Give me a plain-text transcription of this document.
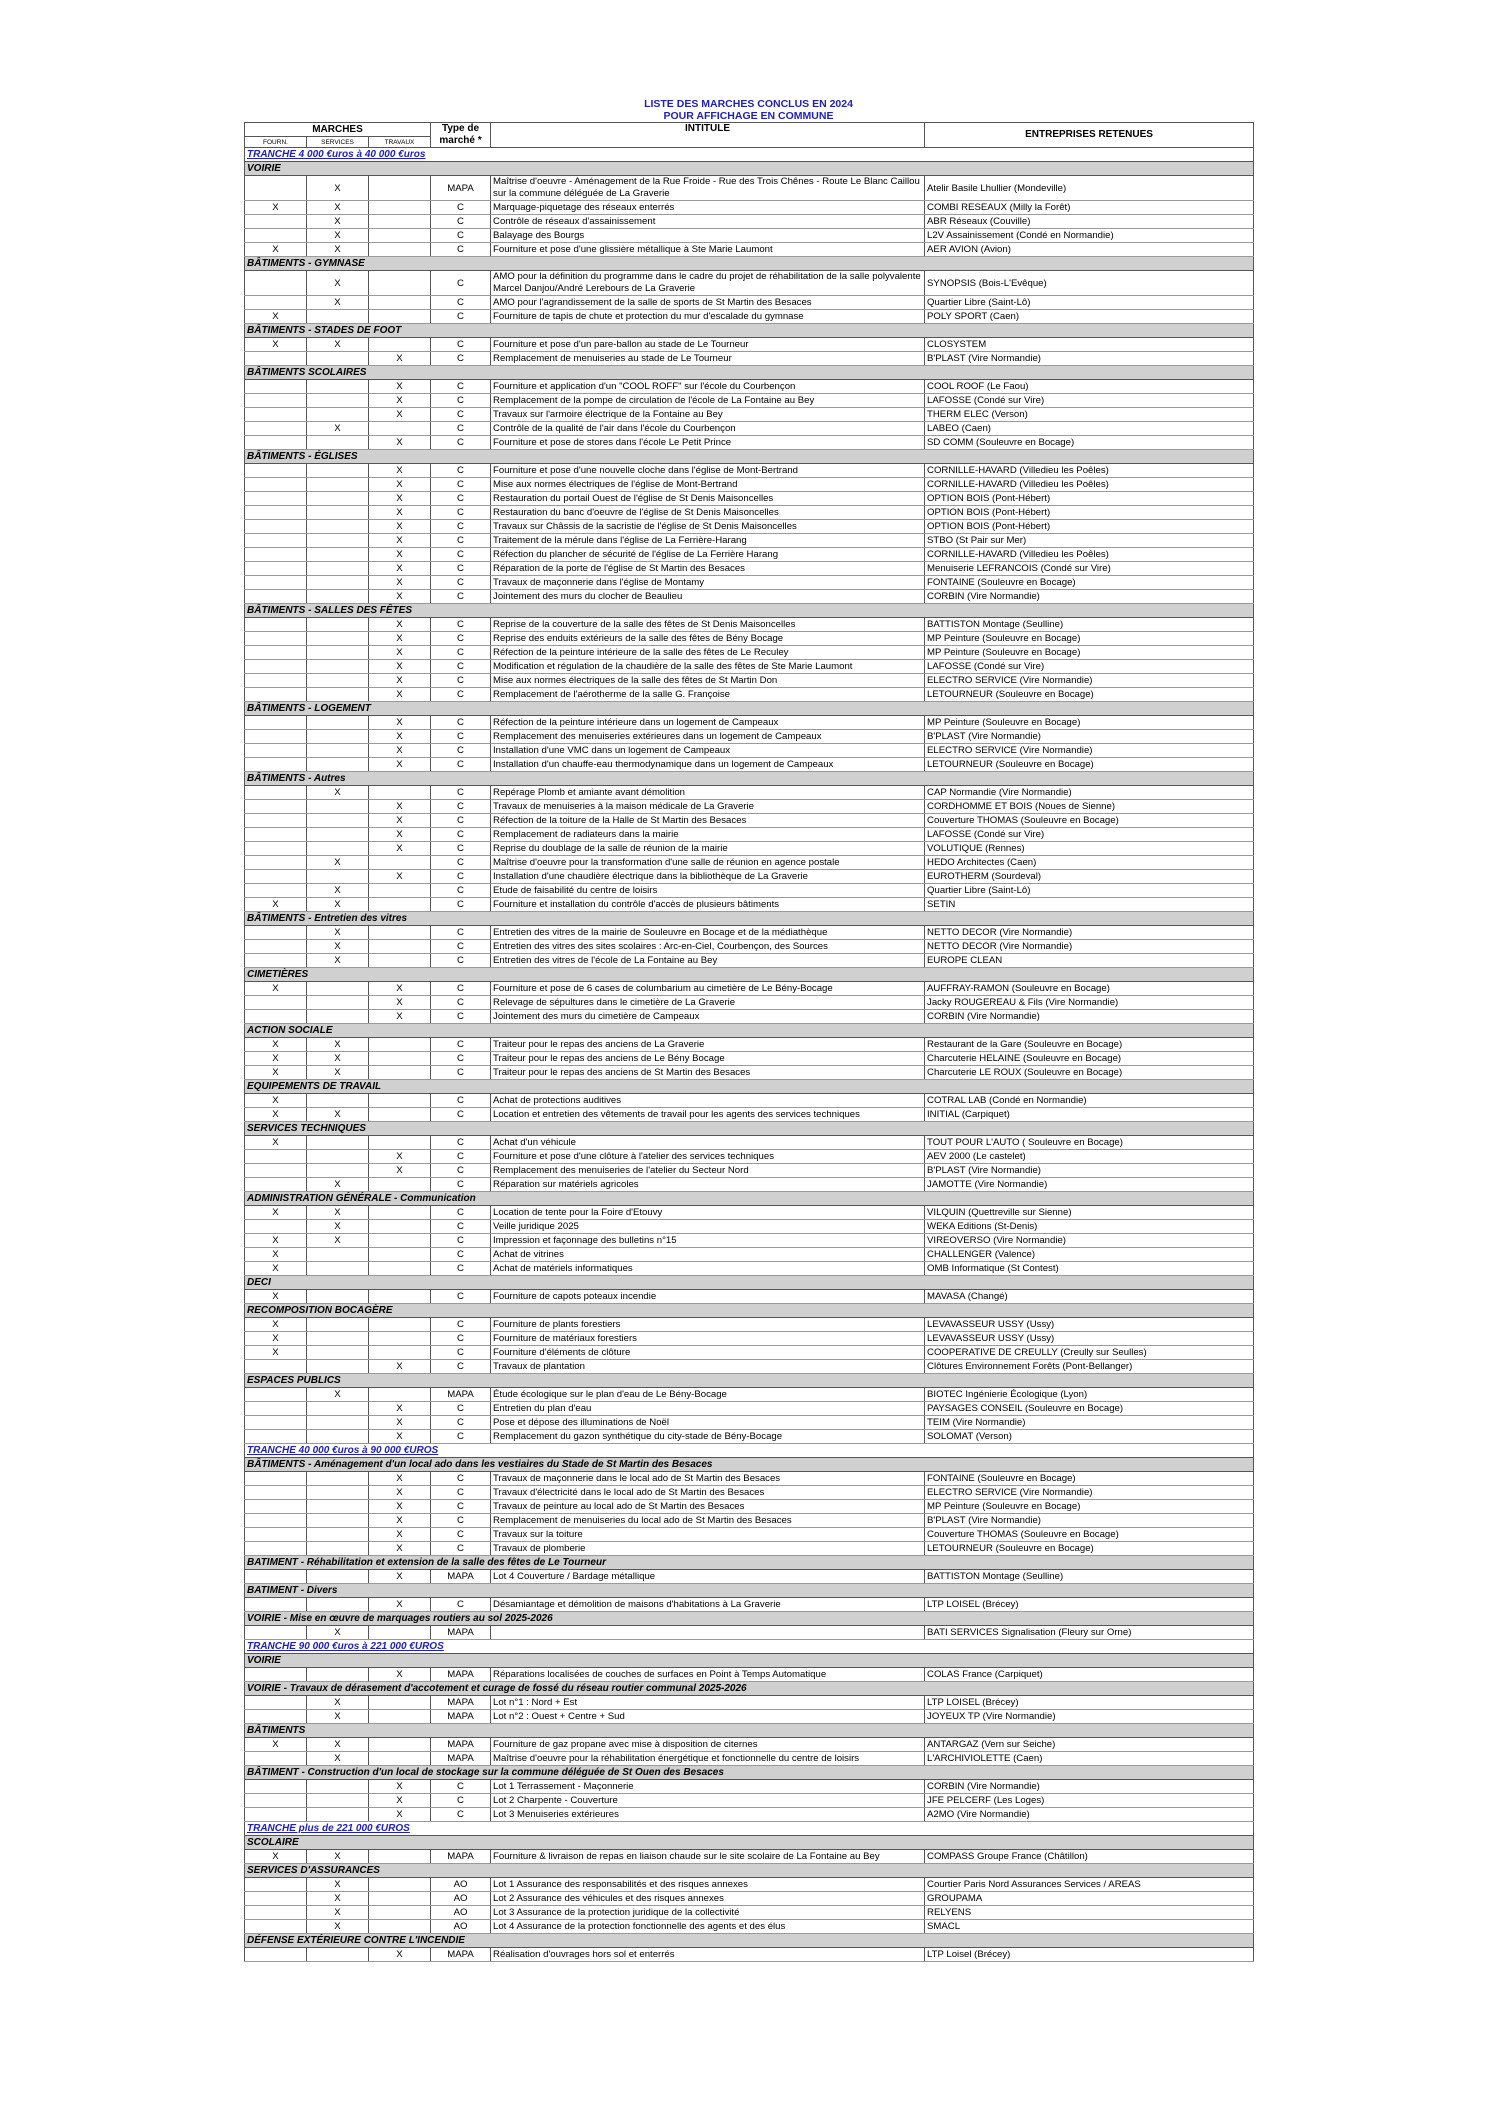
LISTE DES MARCHES CONCLUS EN 2024
POUR AFFICHAGE EN COMMUNE
MARCHES			Type de marché *	INTITULE	ENTREPRISES RETENUES
FOURN.	SERVICES	TRAVAUX			
TRANCHE 4 000 €uros à 40 000 €uros					
VOIRIE					
	X		MAPA	Maîtrise d'oeuvre - Aménagement de la Rue Froide - Rue des Trois Chênes - Route Le Blanc Caillou sur la commune déléguée de La Graverie	Atelir Basile Lhullier (Mondeville)
X	X		C	Marquage-piquetage des réseaux enterrés	COMBI RESEAUX (Milly la Forêt)
	X		C	Contrôle de réseaux d'assainissement	ABR Réseaux (Couville)
	X		C	Balayage des Bourgs	L2V Assainissement (Condé en Normandie)
X	X		C	Fourniture et pose d'une glissière métallique à Ste Marie Laumont	AER AVION (Avion)
BÂTIMENTS - GYMNASE					
	X		C	AMO pour la définition du programme dans le cadre du projet de réhabilitation de la salle polyvalente Marcel Danjou/André Lerebours de La Graverie	SYNOPSIS (Bois-L'Evêque)
	X		C	AMO pour l'agrandissement de la salle de sports de St Martin des Besaces	Quartier Libre (Saint-Lô)
X			C	Fourniture de tapis de chute et protection du mur d'escalade du gymnase	POLY SPORT (Caen)
BÂTIMENTS - STADES DE FOOT					
X	X		C	Fourniture et pose d'un pare-ballon au stade de Le Tourneur	CLOSYSTEM
		X	C	Remplacement de menuiseries au stade de Le Tourneur	B'PLAST (Vire Normandie)
BÂTIMENTS SCOLAIRES					
		X	C	Fourniture et application d'un "COOL ROFF" sur l'école du Courbençon	COOL ROOF (Le Faou)
		X	C	Remplacement de la pompe de circulation de l'école de La Fontaine au Bey	LAFOSSE (Condé sur Vire)
		X	C	Travaux sur l'armoire électrique de la Fontaine au Bey	THERM ELEC (Verson)
	X		C	Contrôle de la qualité de l'air dans l'école du Courbençon	LABEO (Caen)
		X	C	Fourniture et pose de stores dans l'école Le Petit Prince	SD COMM (Souleuvre en Bocage)
BÂTIMENTS - ÉGLISES					
		X	C	Fourniture et pose d'une nouvelle cloche dans l'église de Mont-Bertrand	CORNILLE-HAVARD (Villedieu les Poêles)
		X	C	Mise aux normes électriques de l'église de Mont-Bertrand	CORNILLE-HAVARD (Villedieu les Poêles)
		X	C	Restauration du portail Ouest de l'église de St Denis Maisoncelles	OPTION BOIS (Pont-Hébert)
		X	C	Restauration du banc d'oeuvre de l'église de St Denis Maisoncelles	OPTION BOIS (Pont-Hébert)
		X	C	Travaux sur Châssis de la sacristie de l'église de St Denis Maisoncelles	OPTION BOIS (Pont-Hébert)
		X	C	Traitement de la mérule dans l'église de La Ferrière-Harang	STBO (St Pair sur Mer)
		X	C	Réfection du plancher de sécurité de l'église de La Ferrière Harang	CORNILLE-HAVARD (Villedieu les Poêles)
		X	C	Réparation de la porte de l'église de St Martin des Besaces	Menuiserie LEFRANCOIS (Condé sur Vire)
		X	C	Travaux de maçonnerie dans l'église de Montamy	FONTAINE (Souleuvre en Bocage)
		X	C	Jointement des murs du clocher de Beaulieu	CORBIN (Vire Normandie)
BÂTIMENTS - SALLES DES FÊTES					
		X	C	Reprise de la couverture de la salle des fêtes de St Denis Maisoncelles	BATTISTON Montage (Seulline)
		X	C	Reprise des enduits extérieurs de la salle des fêtes de Bény Bocage	MP Peinture (Souleuvre en Bocage)
		X	C	Réfection de la peinture intérieure de la salle des fêtes de Le Reculey	MP Peinture (Souleuvre en Bocage)
		X	C	Modification et régulation de la chaudière de la salle des fêtes de Ste Marie Laumont	LAFOSSE (Condé sur Vire)
		X	C	Mise aux normes électriques de la salle des fêtes de St Martin Don	ELECTRO SERVICE (Vire Normandie)
		X	C	Remplacement de l'aérotherme de la salle G. Françoise	LETOURNEUR (Souleuvre en Bocage)
BÂTIMENTS - LOGEMENT					
		X	C	Réfection de la peinture intérieure dans un logement de Campeaux	MP Peinture (Souleuvre en Bocage)
		X	C	Remplacement des menuiseries extérieures dans un logement de Campeaux	B'PLAST (Vire Normandie)
		X	C	Installation d'une VMC dans un logement de Campeaux	ELECTRO SERVICE (Vire Normandie)
		X	C	Installation d'un chauffe-eau thermodynamique dans un logement de Campeaux	LETOURNEUR (Souleuvre en Bocage)
BÂTIMENTS - Autres					
	X		C	Repérage Plomb et amiante avant démolition	CAP Normandie (Vire Normandie)
		X	C	Travaux de menuiseries à la maison médicale de La Graverie	CORDHOMME ET BOIS (Noues de Sienne)
		X	C	Réfection de la toiture de la Halle de St Martin des Besaces	Couverture THOMAS (Souleuvre en Bocage)
		X	C	Remplacement de radiateurs dans la mairie	LAFOSSE (Condé sur Vire)
		X	C	Reprise du doublage de la salle de réunion de la mairie	VOLUTIQUE (Rennes)
	X		C	Maîtrise d'oeuvre pour la transformation d'une salle de réunion en agence postale	HEDO Architectes (Caen)
		X	C	Installation d'une chaudière électrique dans la bibliothèque de La Graverie	EUROTHERM (Sourdeval)
	X		C	Etude de faisabilité du centre de loisirs	Quartier Libre (Saint-Lô)
X	X		C	Fourniture et installation du contrôle d'accès de plusieurs bâtiments	SETIN
BÂTIMENTS - Entretien des vitres					
	X		C	Entretien des vitres de la mairie de Souleuvre en Bocage et de la médiathèque	NETTO DECOR (Vire Normandie)
	X		C	Entretien des vitres des sites scolaires : Arc-en-Ciel, Courbençon, des Sources	NETTO DECOR (Vire Normandie)
	X		C	Entretien des vitres de l'école de La Fontaine au Bey	EUROPE CLEAN
CIMETIÈRES					
X		X	C	Fourniture et pose de 6 cases de columbarium au cimetière de Le Bény-Bocage	AUFFRAY-RAMON (Souleuvre en Bocage)
		X	C	Relevage de sépultures dans le cimetière de La Graverie	Jacky ROUGEREAU & Fils (Vire Normandie)
		X	C	Jointement des murs du cimetière de Campeaux	CORBIN (Vire Normandie)
ACTION SOCIALE					
X	X		C	Traiteur pour le repas des anciens de La Graverie	Restaurant de la Gare (Souleuvre en Bocage)
X	X		C	Traiteur pour le repas des anciens de Le Bény Bocage	Charcuterie HELAINE (Souleuvre en Bocage)
X	X		C	Traiteur pour le repas des anciens de St Martin des Besaces	Charcuterie LE ROUX (Souleuvre en Bocage)
EQUIPEMENTS DE TRAVAIL					
X			C	Achat de protections auditives	COTRAL LAB (Condé en Normandie)
X	X		C	Location et entretien des vêtements de travail pour les agents des services techniques	INITIAL (Carpiquet)
SERVICES TECHNIQUES					
X			C	Achat d'un véhicule	TOUT POUR L'AUTO ( Souleuvre en Bocage)
		X	C	Fourniture et pose d'une clôture à l'atelier des services techniques	AEV 2000 (Le castelet)
		X	C	Remplacement des menuiseries de l'atelier du Secteur Nord	B'PLAST (Vire Normandie)
	X		C	Réparation sur matériels agricoles	JAMOTTE (Vire Normandie)
ADMINISTRATION GÉNÉRALE - Communication					
X	X		C	Location de tente pour la Foire d'Etouvy	VILQUIN (Quettreville sur Sienne)
	X		C	Veille juridique 2025	WEKA Editions (St-Denis)
X	X		C	Impression et façonnage des bulletins n°15	VIREOVERSO (Vire Normandie)
X			C	Achat de vitrines	CHALLENGER (Valence)
X			C	Achat de matériels informatiques	OMB Informatique (St Contest)
DECI					
X			C	Fourniture de capots poteaux incendie	MAVASA (Changé)
RECOMPOSITION BOCAGÈRE					
X			C	Fourniture de plants forestiers	LEVAVASSEUR USSY (Ussy)
X			C	Fourniture de matériaux forestiers	LEVAVASSEUR USSY (Ussy)
X			C	Fourniture d'éléments de clôture	COOPERATIVE DE CREULLY (Creully sur Seulles)
		X	C	Travaux de plantation	Clôtures Environnement Forêts (Pont-Bellanger)
ESPACES PUBLICS					
	X		MAPA	Étude écologique sur le plan d'eau de Le Bény-Bocage	BIOTEC Ingénierie Écologique (Lyon)
		X	C	Entretien du plan d'eau	PAYSAGES CONSEIL (Souleuvre en Bocage)
		X	C	Pose et dépose des illuminations de Noël	TEIM (Vire Normandie)
		X	C	Remplacement du gazon synthétique du city-stade de Bény-Bocage	SOLOMAT (Verson)
TRANCHE 40 000 €uros à 90 000 €UROS					
BÂTIMENTS - Aménagement d'un local ado dans les vestiaires du Stade de St Martin des Besaces					
		X	C	Travaux de maçonnerie dans le local ado de St Martin des Besaces	FONTAINE (Souleuvre en Bocage)
		X	C	Travaux d'électricité dans le local ado de St Martin des Besaces	ELECTRO SERVICE (Vire Normandie)
		X	C	Travaux de peinture au local ado de St Martin des Besaces	MP Peinture (Souleuvre en Bocage)
		X	C	Remplacement de menuiseries du local ado de St Martin des Besaces	B'PLAST (Vire Normandie)
		X	C	Travaux sur la toiture	Couverture THOMAS (Souleuvre en Bocage)
		X	C	Travaux de plomberie	LETOURNEUR (Souleuvre en Bocage)
BATIMENT - Réhabilitation et extension de la salle des fêtes de Le Tourneur					
		X	MAPA	Lot 4 Couverture / Bardage métallique	BATTISTON Montage (Seulline)
BATIMENT - Divers					
		X	C	Désamiantage et démolition de maisons d'habitations à La Graverie	LTP LOISEL (Brécey)
VOIRIE - Mise en œuvre de marquages routiers au sol 2025-2026					
	X		MAPA		BATI SERVICES Signalisation (Fleury sur Orne)
TRANCHE 90 000 €uros à 221 000 €UROS					
VOIRIE					
		X	MAPA	Réparations localisées de couches de surfaces en Point à Temps Automatique	COLAS France (Carpiquet)
VOIRIE - Travaux de dérasement d'accotement et curage de fossé du réseau routier communal 2025-2026					
	X		MAPA	Lot n°1 : Nord + Est	LTP LOISEL (Brécey)
	X		MAPA	Lot n°2 : Ouest + Centre + Sud	JOYEUX TP (Vire Normandie)
BÂTIMENTS					
X	X		MAPA	Fourniture de gaz propane avec mise à disposition de citernes	ANTARGAZ (Vern sur Seiche)
	X		MAPA	Maîtrise d'oeuvre pour la réhabilitation énergétique et fonctionnelle du centre de loisirs	L'ARCHIVIOLETTE (Caen)
BÂTIMENT - Construction d'un local de stockage sur la commune déléguée de St Ouen des Besaces					
		X	C	Lot 1 Terrassement - Maçonnerie	CORBIN (Vire Normandie)
		X	C	Lot 2 Charpente - Couverture	JFE PELCERF (Les Loges)
		X	C	Lot 3 Menuiseries extérieures	A2MO (Vire Normandie)
TRANCHE plus de 221 000 €UROS					
SCOLAIRE					
X	X		MAPA	Fourniture & livraison de repas en liaison chaude sur le site scolaire de La Fontaine au Bey	COMPASS Groupe France (Châtillon)
SERVICES D'ASSURANCES					
	X		AO	Lot 1 Assurance des responsabilités et des risques annexes	Courtier Paris Nord Assurances Services / AREAS
	X		AO	Lot 2 Assurance des véhicules et des risques annexes	GROUPAMA
	X		AO	Lot 3 Assurance de la protection juridique de la collectivité	RELYENS
	X		AO	Lot 4 Assurance de la protection fonctionnelle des agents et des élus	SMACL
DÉFENSE EXTÉRIEURE CONTRE L'INCENDIE					
		X	MAPA	Réalisation d'ouvrages hors sol et enterrés	LTP Loisel (Brécey)
